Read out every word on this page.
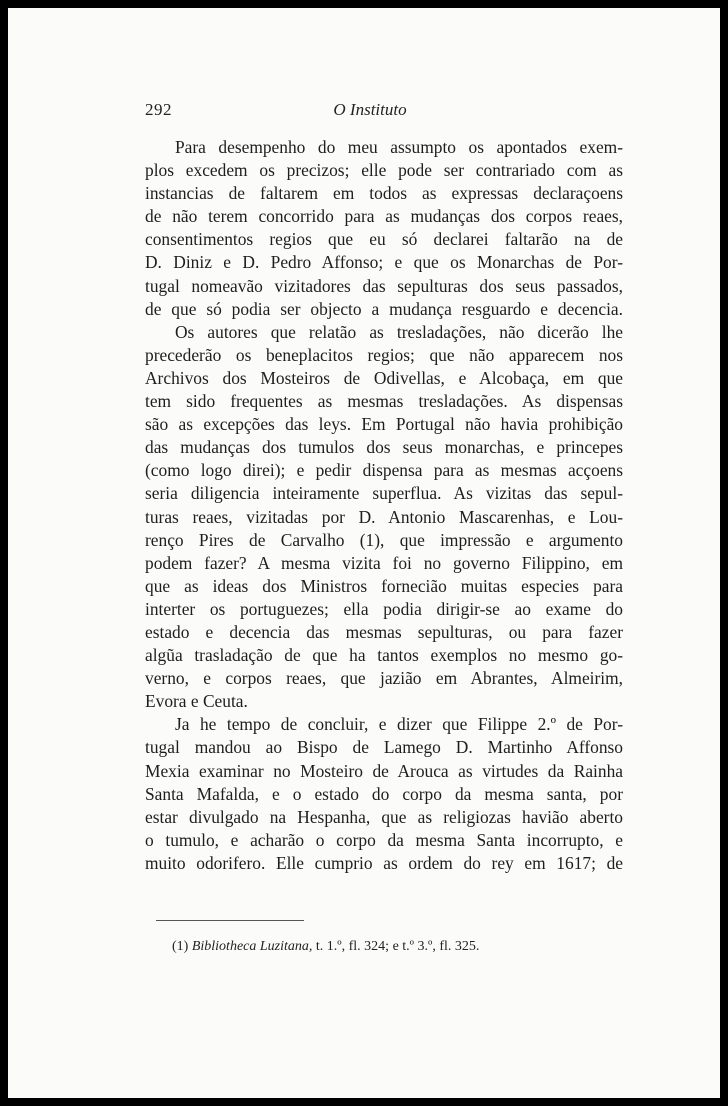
292	O Instituto

Para desempenho do meu assumpto os apontados exem-
plos excedem os precizos; elle pode ser contrariado com as
instancias de faltarem em todos as expressas declaraçoens
de não terem concorrido para as mudanças dos corpos reaes,
consentimentos regios que eu só declarei faltarão na de
D. Diniz e D. Pedro Affonso; e que os Monarchas de Por-
tugal nomeavão vizitadores das sepulturas dos seus passados,
de que só podia ser objecto a mudança resguardo e decencia.

Os autores que relatão as tresladações, não dicerão lhe
precederão os beneplacitos regios; que não apparecem nos
Archivos dos Mosteiros de Odivellas, e Alcobaça, em que
tem sido frequentes as mesmas tresladações. As dispensas
são as excepções das leys. Em Portugal não havia prohibição
das mudanças dos tumulos dos seus monarchas, e princepes
(como logo direi); e pedir dispensa para as mesmas acçoens
seria diligencia inteiramente superflua. As vizitas das sepul-
turas reaes, vizitadas por D. Antonio Mascarenhas, e Lou-
renço Pires de Carvalho (1), que impressão e argumento
podem fazer? A mesma vizita foi no governo Filippino, em
que as ideas dos Ministros fornecião muitas especies para
interter os portuguezes; ella podia dirigir-se ao exame do
estado e decencia das mesmas sepulturas, ou para fazer
algũa trasladação de que ha tantos exemplos no mesmo go-
verno, e corpos reaes, que jazião em Abrantes, Almeirim,
Evora e Ceuta.

Ja he tempo de concluir, e dizer que Filippe 2.º de Por-
tugal mandou ao Bispo de Lamego D. Martinho Affonso
Mexia examinar no Mosteiro de Arouca as virtudes da Rainha
Santa Mafalda, e o estado do corpo da mesma santa, por
estar divulgado na Hespanha, que as religiozas havião aberto
o tumulo, e acharão o corpo da mesma Santa incorrupto, e
muito odorifero. Elle cumprio as ordem do rey em 1617; de

(1) Bibliotheca Luzitana, t. 1.º, fl. 324; e t.º 3.º, fl. 325.
